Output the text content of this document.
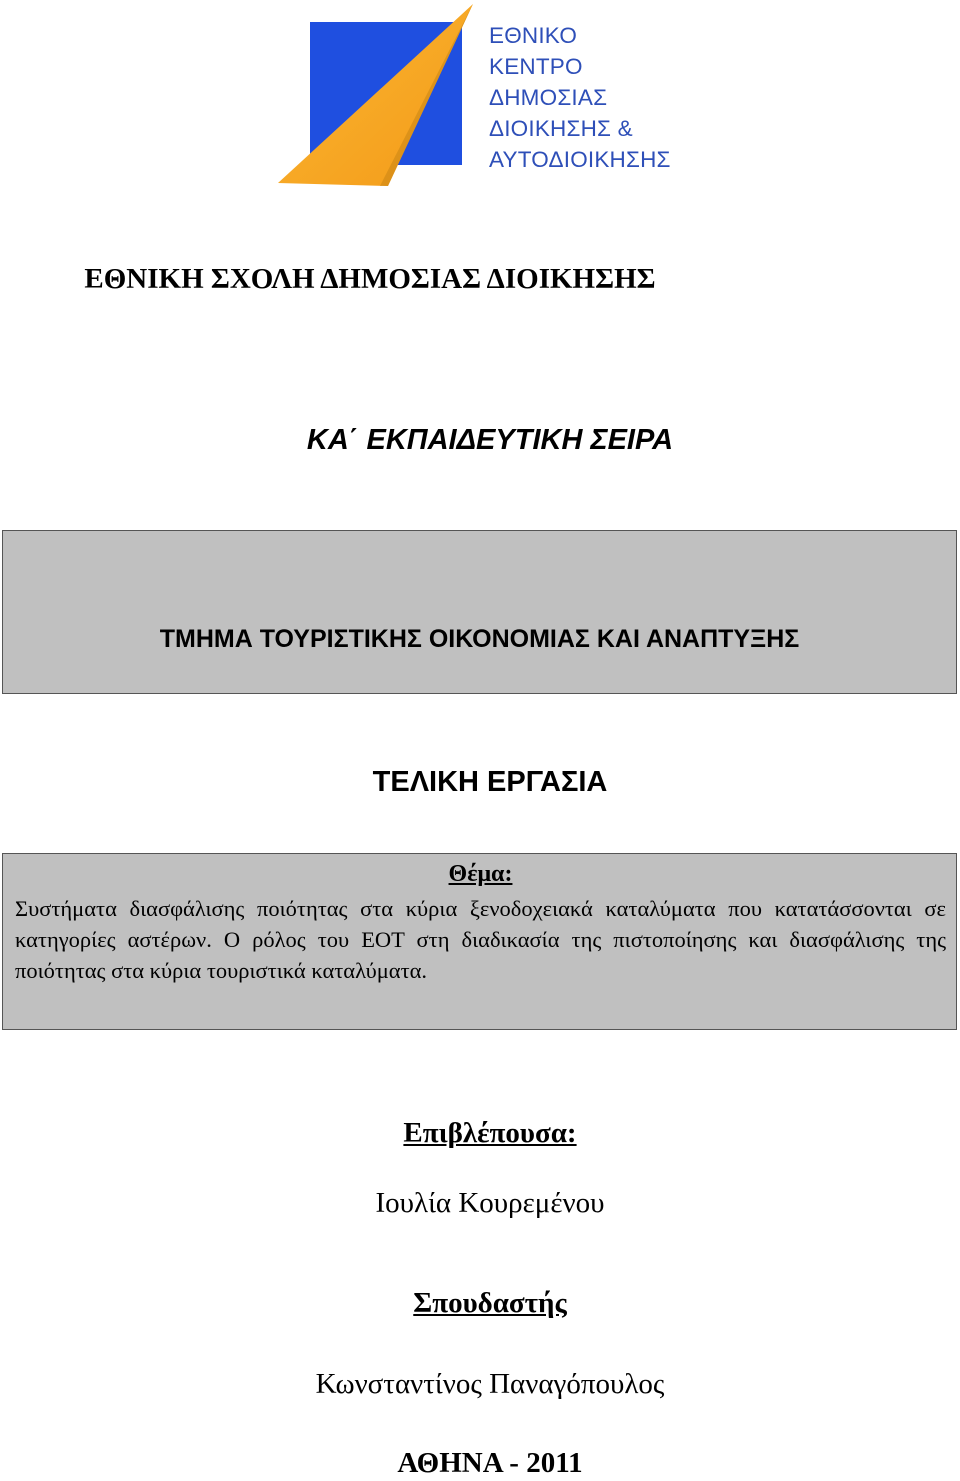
ΕΘΝΙΚΟ
ΚΕΝΤΡΟ
ΔΗΜΟΣΙΑΣ
ΔΙΟΙΚΗΣΗΣ &
ΑΥΤΟΔΙΟΙΚΗΣΗΣ
ΕΘΝΙΚΗ ΣΧΟΛΗ ΔΗΜΟΣΙΑΣ ΔΙΟΙΚΗΣΗΣ
ΚΑ΄ ΕΚΠΑΙΔΕΥΤΙΚΗ ΣΕΙΡΑ
ΤΜΗΜΑ ΤΟΥΡΙΣΤΙΚΗΣ ΟΙΚΟΝΟΜΙΑΣ ΚΑΙ ΑΝΑΠΤΥΞΗΣ
ΤΕΛΙΚΗ ΕΡΓΑΣΙΑ
Θέμα:
Συστήματα διασφάλισης ποιότητας στα κύρια ξενοδοχειακά καταλύματα που κατατάσσονται σε κατηγορίες αστέρων. Ο ρόλος του ΕΟΤ στη διαδικασία της πιστοποίησης και διασφάλισης της ποιότητας στα κύρια τουριστικά καταλύματα.
Επιβλέπουσα:
Ιουλία Κουρεμένου
Σπουδαστής
Κωνσταντίνος Παναγόπουλος
ΑΘΗΝΑ - 2011
